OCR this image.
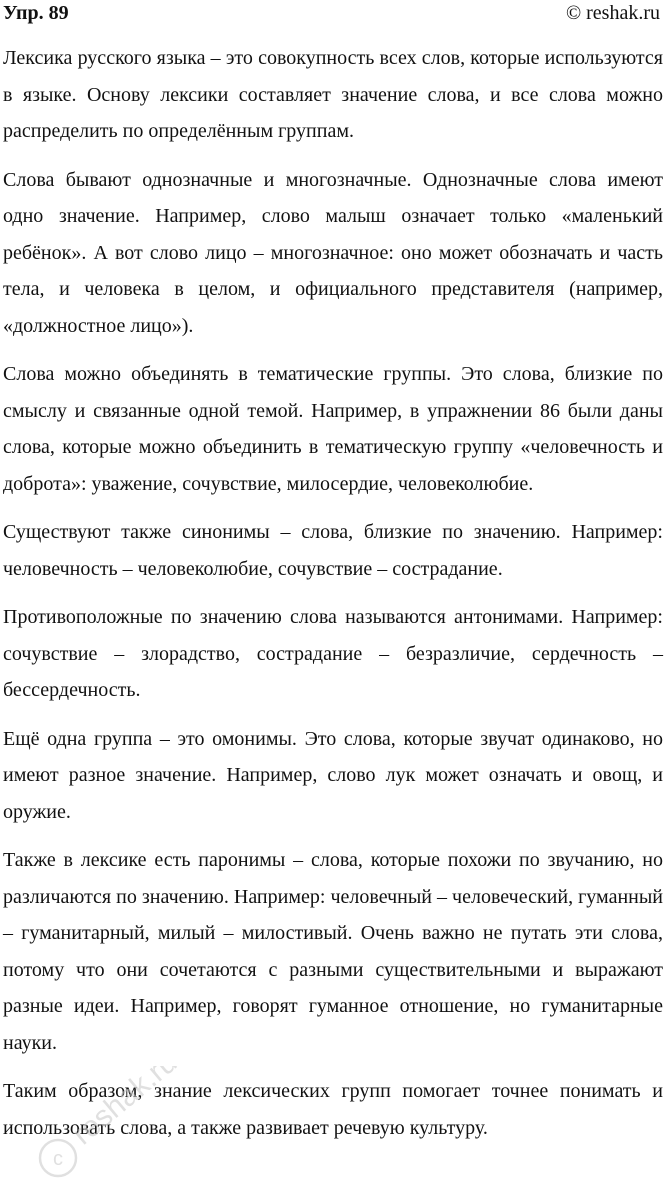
Упр. 89	© reshak.ru

Лексика русского языка – это совокупность всех слов, которые используются в языке. Основу лексики составляет значение слова, и все слова можно распределить по определённым группам.

Слова бывают однозначные и многозначные. Однозначные слова имеют одно значение. Например, слово малыш означает только «маленький ребёнок». А вот слово лицо – многозначное: оно может обозначать и часть тела, и человека в целом, и официального представителя (например, «должностное лицо»).

Слова можно объединять в тематические группы. Это слова, близкие по смыслу и связанные одной темой. Например, в упражнении 86 были даны слова, которые можно объединить в тематическую группу «человечность и доброта»: уважение, сочувствие, милосердие, человеколюбие.

Существуют также синонимы – слова, близкие по значению. Например: человечность – человеколюбие, сочувствие – сострадание.

Противоположные по значению слова называются антонимами. Например: сочувствие – злорадство, сострадание – безразличие, сердечность – бессердечность.

Ещё одна группа – это омонимы. Это слова, которые звучат одинаково, но имеют разное значение. Например, слово лук может означать и овощ, и оружие.

Также в лексике есть паронимы – слова, которые похожи по звучанию, но различаются по значению. Например: человечный – человеческий, гуманный – гуманитарный, милый – милостивый. Очень важно не путать эти слова, потому что они сочетаются с разными существительными и выражают разные идеи. Например, говорят гуманное отношение, но гуманитарные науки.

Таким образом, знание лексических групп помогает точнее понимать и использовать слова, а также развивает речевую культуру.

c
reshak.ru
